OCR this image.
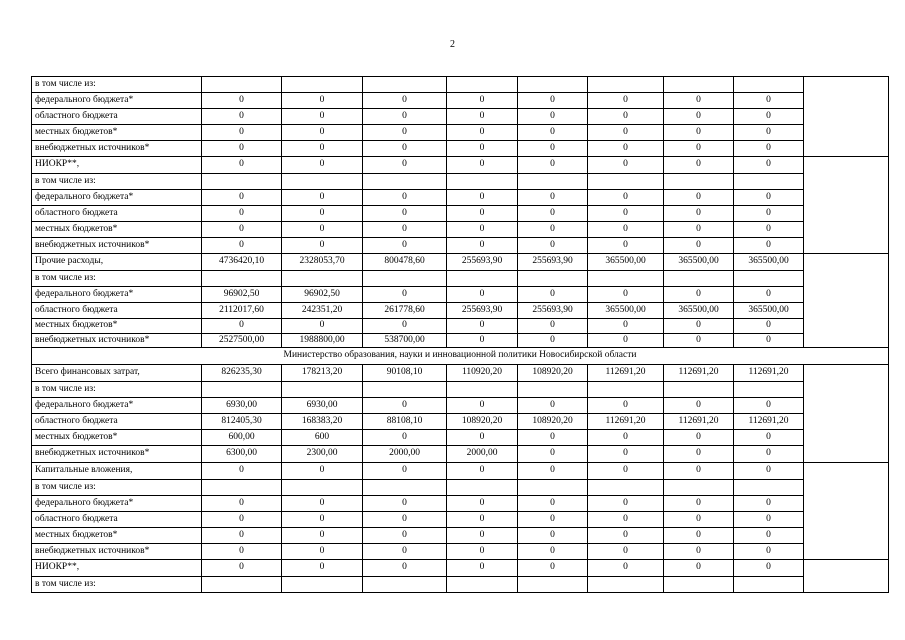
2
в том числе из:									
федерального бюджета*	0	0	0	0	0	0	0	0	
областного бюджета	0	0	0	0	0	0	0	0	
местных бюджетов*	0	0	0	0	0	0	0	0	
внебюджетных источников*	0	0	0	0	0	0	0	0	
НИОКР**,	0	0	0	0	0	0	0	0	
в том числе из:									
федерального бюджета*	0	0	0	0	0	0	0	0	
областного бюджета	0	0	0	0	0	0	0	0	
местных бюджетов*	0	0	0	0	0	0	0	0	
внебюджетных источников*	0	0	0	0	0	0	0	0	
Прочие расходы,	4736420,10	2328053,70	800478,60	255693,90	255693,90	365500,00	365500,00	365500,00	
в том числе из:									
федерального бюджета*	96902,50	96902,50	0	0	0	0	0	0	
областного бюджета	2112017,60	242351,20	261778,60	255693,90	255693,90	365500,00	365500,00	365500,00	
местных бюджетов*	0	0	0	0	0	0	0	0	
внебюджетных источников*	2527500,00	1988800,00	538700,00	0	0	0	0	0	
Министерство образования, науки и инновационной политики Новосибирской области									
Всего финансовых затрат,	826235,30	178213,20	90108,10	110920,20	108920,20	112691,20	112691,20	112691,20	
в том числе из:									
федерального бюджета*	6930,00	6930,00	0	0	0	0	0	0	
областного бюджета	812405,30	168383,20	88108,10	108920,20	108920,20	112691,20	112691,20	112691,20	
местных бюджетов*	600,00	600	0	0	0	0	0	0	
внебюджетных источников*	6300,00	2300,00	2000,00	2000,00	0	0	0	0	
Капитальные вложения,	0	0	0	0	0	0	0	0	
в том числе из:									
федерального бюджета*	0	0	0	0	0	0	0	0	
областного бюджета	0	0	0	0	0	0	0	0	
местных бюджетов*	0	0	0	0	0	0	0	0	
внебюджетных источников*	0	0	0	0	0	0	0	0	
НИОКР**,	0	0	0	0	0	0	0	0	
в том числе из:									
